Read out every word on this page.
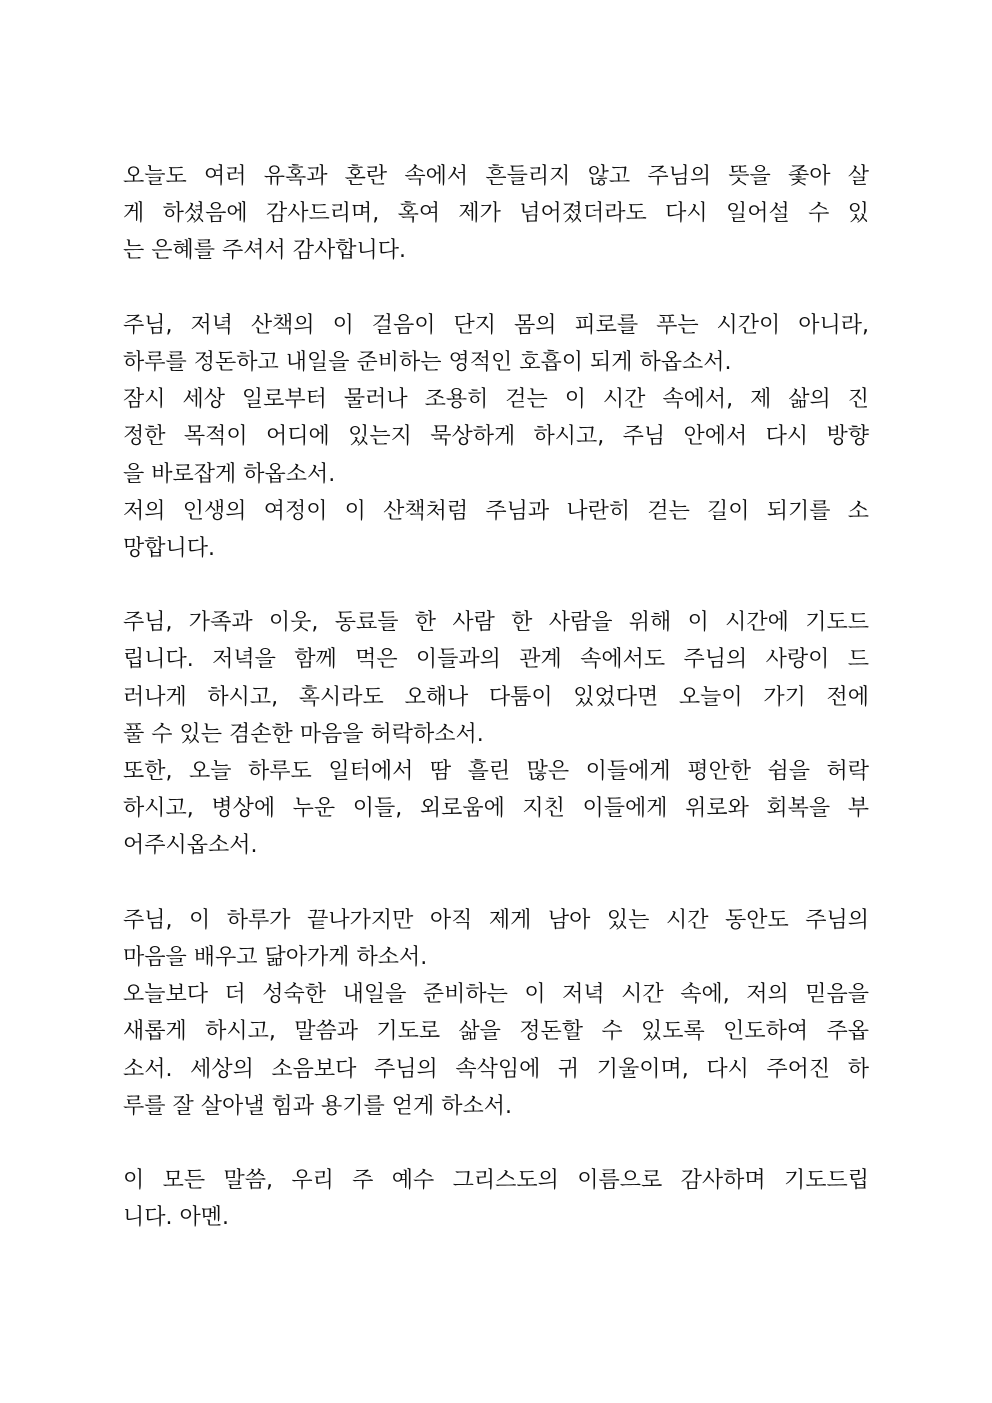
오늘도 여러 유혹과 혼란 속에서 흔들리지 않고 주님의 뜻을 좇아 살
게 하셨음에 감사드리며, 혹여 제가 넘어졌더라도 다시 일어설 수 있
는 은혜를 주셔서 감사합니다.
주님, 저녁 산책의 이 걸음이 단지 몸의 피로를 푸는 시간이 아니라,
하루를 정돈하고 내일을 준비하는 영적인 호흡이 되게 하옵소서.
잠시 세상 일로부터 물러나 조용히 걷는 이 시간 속에서, 제 삶의 진
정한 목적이 어디에 있는지 묵상하게 하시고, 주님 안에서 다시 방향
을 바로잡게 하옵소서.
저의 인생의 여정이 이 산책처럼 주님과 나란히 걷는 길이 되기를 소
망합니다.
주님, 가족과 이웃, 동료들 한 사람 한 사람을 위해 이 시간에 기도드
립니다. 저녁을 함께 먹은 이들과의 관계 속에서도 주님의 사랑이 드
러나게 하시고, 혹시라도 오해나 다툼이 있었다면 오늘이 가기 전에
풀 수 있는 겸손한 마음을 허락하소서.
또한, 오늘 하루도 일터에서 땀 흘린 많은 이들에게 평안한 쉼을 허락
하시고, 병상에 누운 이들, 외로움에 지친 이들에게 위로와 회복을 부
어주시옵소서.
주님, 이 하루가 끝나가지만 아직 제게 남아 있는 시간 동안도 주님의
마음을 배우고 닮아가게 하소서.
오늘보다 더 성숙한 내일을 준비하는 이 저녁 시간 속에, 저의 믿음을
새롭게 하시고, 말씀과 기도로 삶을 정돈할 수 있도록 인도하여 주옵
소서. 세상의 소음보다 주님의 속삭임에 귀 기울이며, 다시 주어진 하
루를 잘 살아낼 힘과 용기를 얻게 하소서.
이 모든 말씀, 우리 주 예수 그리스도의 이름으로 감사하며 기도드립
니다. 아멘.
